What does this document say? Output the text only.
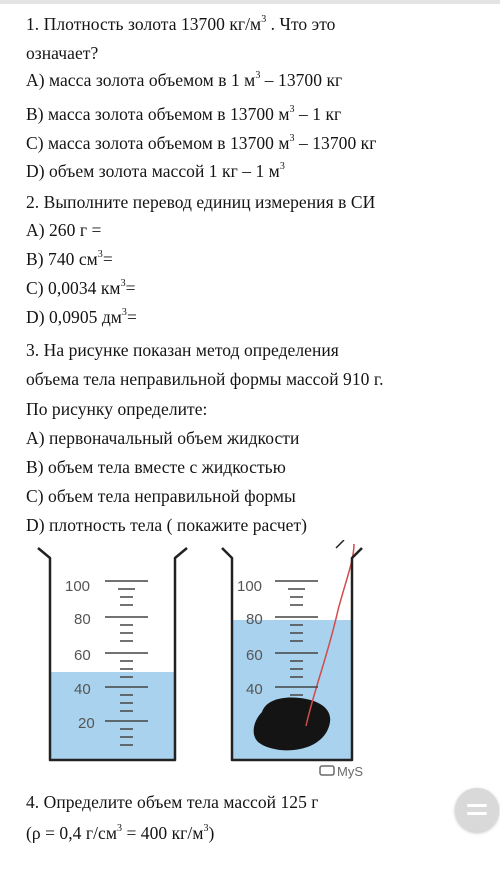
1. Плотность золота 13700 $кг/м^3$ . Что это
означает?
A) масса золота объемом в 1 $м^3 - 13700$ кг
B) масса золота объемом в 13700 $м^3 - 1$ кг
C) масса золота объемом в 13700 $м^3 - 13700$ кг
D) объем золота массой 1 кг – 1 $м^3$
2. Выполните перевод единиц измерения в СИ
A) 260 г =
B) 740 $см^3=$
C) 0,0034 $км^3=$
D) 0,0905 $дм^3=$
3. На рисунке показан метод определения
объема тела неправильной формы массой 910 г.
По рисунку определите:
A) первоначальный объем жидкости
B) объем тела вместе с жидкостью
C) объем тела неправильной формы
D) плотность тела ( покажите расчет)
100
80
60
40
20
100
80
60
40
MyS
4. Определите объем тела массой 125 г
(ρ = 0,4 $г/см^3 = 400$ $кг/м^3$)
